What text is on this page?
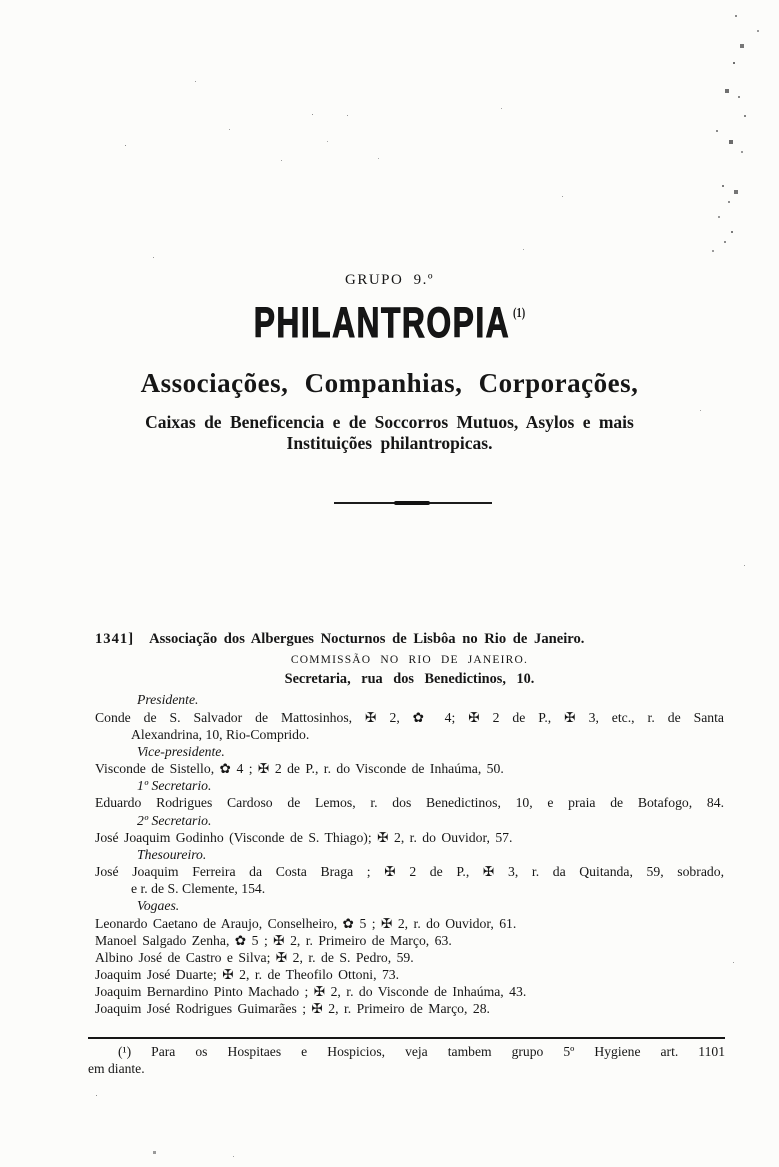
GRUPO 9.º
PHILANTROPIA (1)
Associações, Companhias, Corporações,
Caixas de Beneficencia e de Soccorros Mutuos, Asylos e mais
Instituições philantropicas.
1341] Associação dos Albergues Nocturnos de Lisbôa no Rio de Janeiro.
COMMISSÃO NO RIO DE JANEIRO.
Secretaria, rua dos Benedictinos, 10.
Presidente.
Conde de S. Salvador de Mattosinhos, ✠ 2, ✿ 4; ✠ 2 de P., ✠ 3, etc., r. de Santa
Alexandrina, 10, Rio-Comprido.
Vice-presidente.
Visconde de Sistello, ✿ 4 ; ✠ 2 de P., r. do Visconde de Inhaúma, 50.
1º Secretario.
Eduardo Rodrigues Cardoso de Lemos, r. dos Benedictinos, 10, e praia de Botafogo, 84.
2º Secretario.
José Joaquim Godinho (Visconde de S. Thiago); ✠ 2, r. do Ouvidor, 57.
Thesoureiro.
José Joaquim Ferreira da Costa Braga ; ✠ 2 de P., ✠ 3, r. da Quitanda, 59, sobrado,
e r. de S. Clemente, 154.
Vogaes.
Leonardo Caetano de Araujo, Conselheiro, ✿ 5 ; ✠ 2, r. do Ouvidor, 61.
Manoel Salgado Zenha, ✿ 5 ; ✠ 2, r. Primeiro de Março, 63.
Albino José de Castro e Silva; ✠ 2, r. de S. Pedro, 59.
Joaquim José Duarte; ✠ 2, r. de Theofilo Ottoni, 73.
Joaquim Bernardino Pinto Machado ; ✠ 2, r. do Visconde de Inhaúma, 43.
Joaquim José Rodrigues Guimarães ; ✠ 2, r. Primeiro de Março, 28.
(¹) Para os Hospitaes e Hospicios, veja tambem grupo 5º Hygiene art. 1101
em diante.
